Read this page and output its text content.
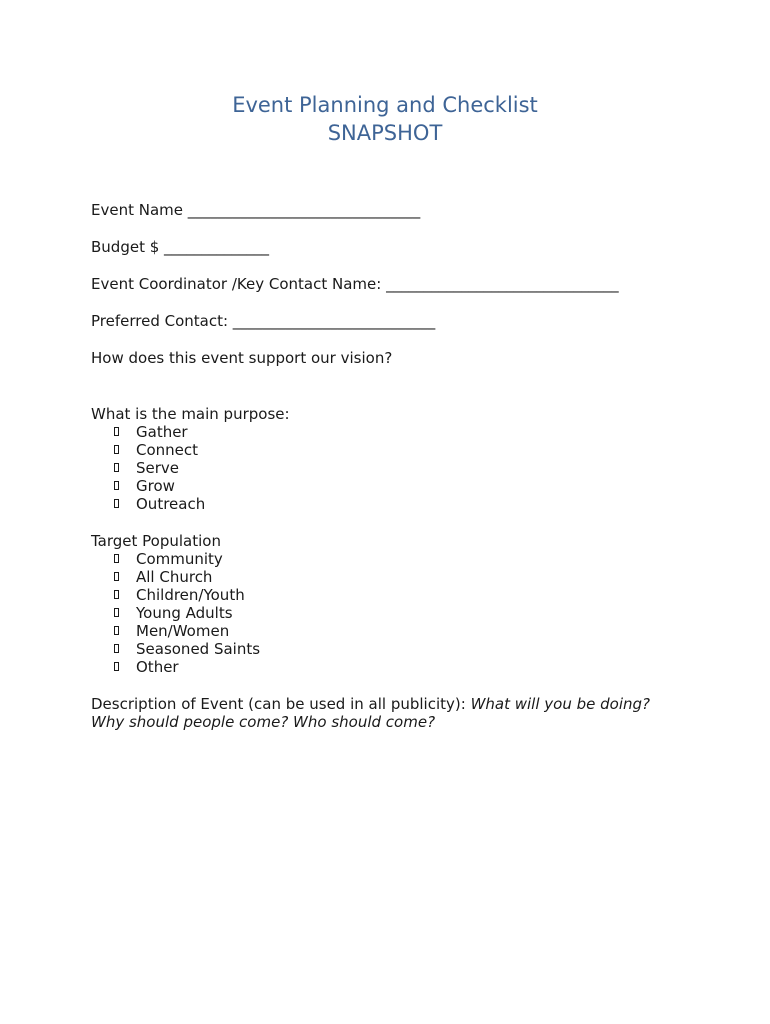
Event Planning and Checklist
SNAPSHOT
Event Name _______________________________
Budget $ ______________
Event Coordinator /Key Contact Name: _______________________________
Preferred Contact: ___________________________
How does this event support our vision?
What is the main purpose:
Gather
Connect
Serve
Grow
Outreach
Target Population
Community
All Church
Children/Youth
Young Adults
Men/Women
Seasoned Saints
Other
Description of Event (can be used in all publicity): What will you be doing?
Why should people come? Who should come?
